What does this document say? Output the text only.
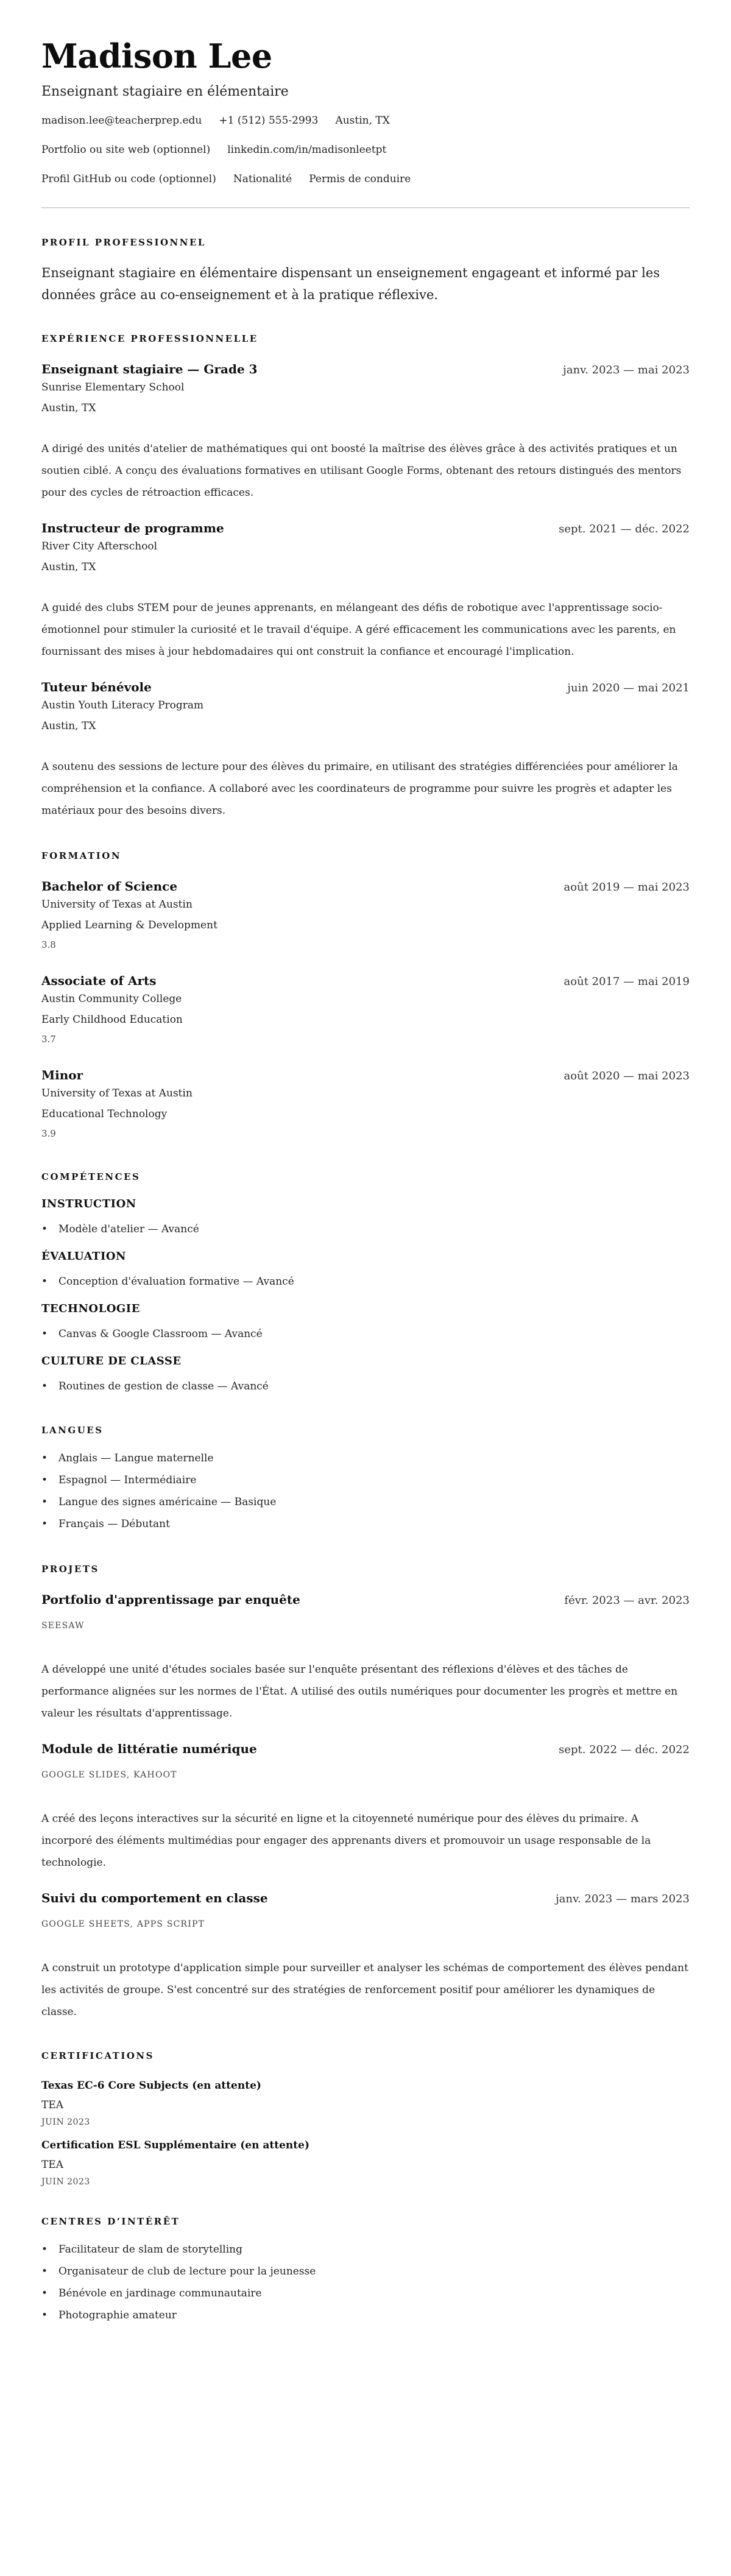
Madison Lee
Enseignant stagiaire en élémentaire
madison.lee@teacherprep.edu +1 (512) 555-2993 Austin, TX
Portfolio ou site web (optionnel) linkedin.com/in/madisonleetpt
Profil GitHub ou code (optionnel) Nationalité Permis de conduire
PROFIL PROFESSIONNEL

Enseignant stagiaire en élémentaire dispensant un enseignement engageant et informé par les données grâce au co-enseignement et à la pratique réflexive.

EXPÉRIENCE PROFESSIONNELLE
Enseignant stagiaire — Grade 3	janv. 2023 — mai 2023
Sunrise Elementary School
Austin, TX

A dirigé des unités d'atelier de mathématiques qui ont boosté la maîtrise des élèves grâce à des activités pratiques et un soutien ciblé. A conçu des évaluations formatives en utilisant Google Forms, obtenant des retours distingués des mentors pour des cycles de rétroaction efficaces.

Instructeur de programme	sept. 2021 — déc. 2022
River City Afterschool
Austin, TX

A guidé des clubs STEM pour de jeunes apprenants, en mélangeant des défis de robotique avec l'apprentissage socio-émotionnel pour stimuler la curiosité et le travail d'équipe. A géré efficacement les communications avec les parents, en fournissant des mises à jour hebdomadaires qui ont construit la confiance et encouragé l'implication.

Tuteur bénévole	juin 2020 — mai 2021
Austin Youth Literacy Program
Austin, TX

A soutenu des sessions de lecture pour des élèves du primaire, en utilisant des stratégies différenciées pour améliorer la compréhension et la confiance. A collaboré avec les coordinateurs de programme pour suivre les progrès et adapter les matériaux pour des besoins divers.

FORMATION
Bachelor of Science	août 2019 — mai 2023
University of Texas at Austin
Applied Learning & Development
3.8
Associate of Arts	août 2017 — mai 2019
Austin Community College
Early Childhood Education
3.7
Minor	août 2020 — mai 2023
University of Texas at Austin
Educational Technology
3.9
COMPÉTENCES
INSTRUCTION
• Modèle d'atelier — Avancé
ÉVALUATION
• Conception d'évaluation formative — Avancé
TECHNOLOGIE
• Canvas & Google Classroom — Avancé
CULTURE DE CLASSE
• Routines de gestion de classe — Avancé
LANGUES
• Anglais — Langue maternelle
• Espagnol — Intermédiaire
• Langue des signes américaine — Basique
• Français — Débutant
PROJETS
Portfolio d'apprentissage par enquête	févr. 2023 — avr. 2023
SEESAW

A développé une unité d'études sociales basée sur l'enquête présentant des réflexions d'élèves et des tâches de performance alignées sur les normes de l'État. A utilisé des outils numériques pour documenter les progrès et mettre en valeur les résultats d'apprentissage.

Module de littératie numérique	sept. 2022 — déc. 2022
GOOGLE SLIDES, KAHOOT

A créé des leçons interactives sur la sécurité en ligne et la citoyenneté numérique pour des élèves du primaire. A incorporé des éléments multimédias pour engager des apprenants divers et promouvoir un usage responsable de la technologie.

Suivi du comportement en classe	janv. 2023 — mars 2023
GOOGLE SHEETS, APPS SCRIPT

A construit un prototype d'application simple pour surveiller et analyser les schémas de comportement des élèves pendant les activités de groupe. S'est concentré sur des stratégies de renforcement positif pour améliorer les dynamiques de classe.

CERTIFICATIONS
Texas EC-6 Core Subjects (en attente)
TEA
JUIN 2023
Certification ESL Supplémentaire (en attente)
TEA
JUIN 2023
CENTRES D’INTÉRÊT
• Facilitateur de slam de storytelling
• Organisateur de club de lecture pour la jeunesse
• Bénévole en jardinage communautaire
• Photographie amateur
